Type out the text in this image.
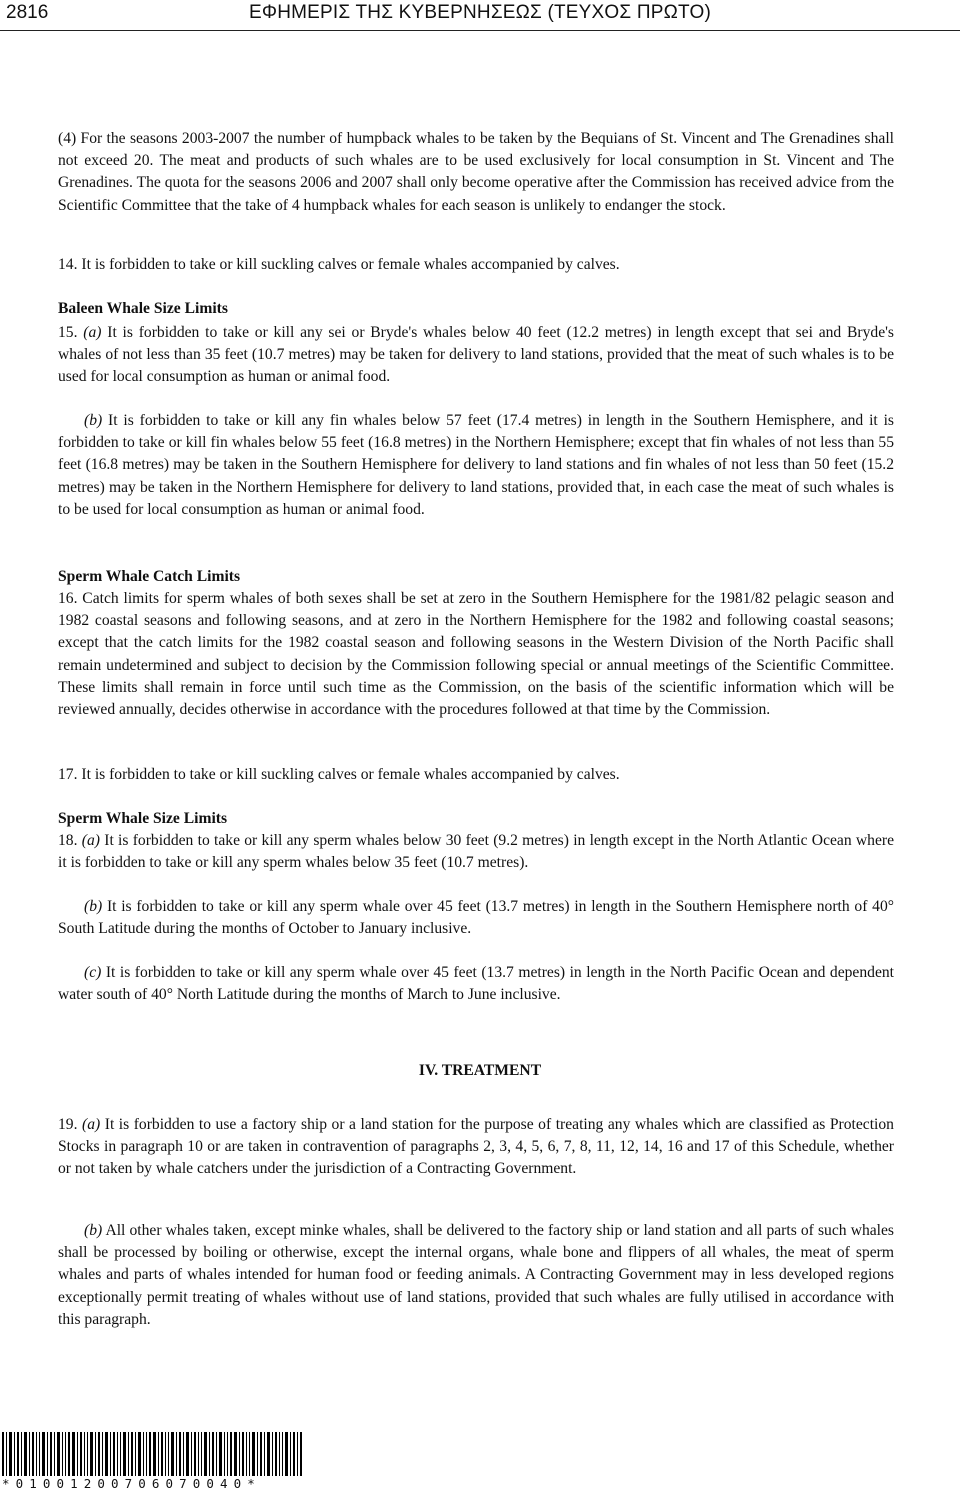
2816	ΕΦΗΜΕΡΙΣ ΤΗΣ ΚΥΒΕΡΝΗΣΕΩΣ (ΤΕΥΧΟΣ ΠΡΩΤΟ)

(4) For the seasons 2003-2007 the number of humpback whales to be taken by the Bequians of St. Vincent and The Grenadines shall not exceed 20. The meat and products of such whales are to be used exclusively for local consumption in St. Vincent and The Grenadines. The quota for the seasons 2006 and 2007 shall only become operative after the Commission has received advice from the Scientific Committee that the take of 4 humpback whales for each season is unlikely to endanger the stock.

14. It is forbidden to take or kill suckling calves or female whales accompanied by calves.

Baleen Whale Size Limits

15. (a) It is forbidden to take or kill any sei or Bryde's whales below 40 feet (12.2 metres) in length except that sei and Bryde's whales of not less than 35 feet (10.7 metres) may be taken for delivery to land stations, provided that the meat of such whales is to be used for local consumption as human or animal food.

(b) It is forbidden to take or kill any fin whales below 57 feet (17.4 metres) in length in the Southern Hemisphere, and it is forbidden to take or kill fin whales below 55 feet (16.8 metres) in the Northern Hemisphere; except that fin whales of not less than 55 feet (16.8 metres) may be taken in the Southern Hemisphere for delivery to land stations and fin whales of not less than 50 feet (15.2 metres) may be taken in the Northern Hemisphere for delivery to land stations, provided that, in each case the meat of such whales is to be used for local consumption as human or animal food.

Sperm Whale Catch Limits

16. Catch limits for sperm whales of both sexes shall be set at zero in the Southern Hemisphere for the 1981/82 pelagic season and 1982 coastal seasons and following seasons, and at zero in the Northern Hemisphere for the 1982 and following coastal seasons; except that the catch limits for the 1982 coastal season and following seasons in the Western Division of the North Pacific shall remain undetermined and subject to decision by the Commission following special or annual meetings of the Scientific Committee. These limits shall remain in force until such time as the Commission, on the basis of the scientific information which will be reviewed annually, decides otherwise in accordance with the procedures followed at that time by the Commission.

17. It is forbidden to take or kill suckling calves or female whales accompanied by calves.

Sperm Whale Size Limits

18. (a) It is forbidden to take or kill any sperm whales below 30 feet (9.2 metres) in length except in the North Atlantic Ocean where it is forbidden to take or kill any sperm whales below 35 feet (10.7 metres).

(b) It is forbidden to take or kill any sperm whale over 45 feet (13.7 metres) in length in the Southern Hemisphere north of 40° South Latitude during the months of October to January inclusive.

(c) It is forbidden to take or kill any sperm whale over 45 feet (13.7 metres) in length in the North Pacific Ocean and dependent water south of 40° North Latitude during the months of March to June inclusive.

IV. TREATMENT

19. (a) It is forbidden to use a factory ship or a land station for the purpose of treating any whales which are classified as Protection Stocks in paragraph 10 or are taken in contravention of paragraphs 2, 3, 4, 5, 6, 7, 8, 11, 12, 14, 16 and 17 of this Schedule, whether or not taken by whale catchers under the jurisdiction of a Contracting Government.

(b) All other whales taken, except minke whales, shall be delivered to the factory ship or land station and all parts of such whales shall be processed by boiling or otherwise, except the internal organs, whale bone and flippers of all whales, the meat of sperm whales and parts of whales intended for human food or feeding animals. A Contracting Government may in less developed regions exceptionally permit treating of whales without use of land stations, provided that such whales are fully utilised in accordance with this paragraph.

*01001200706070040*
